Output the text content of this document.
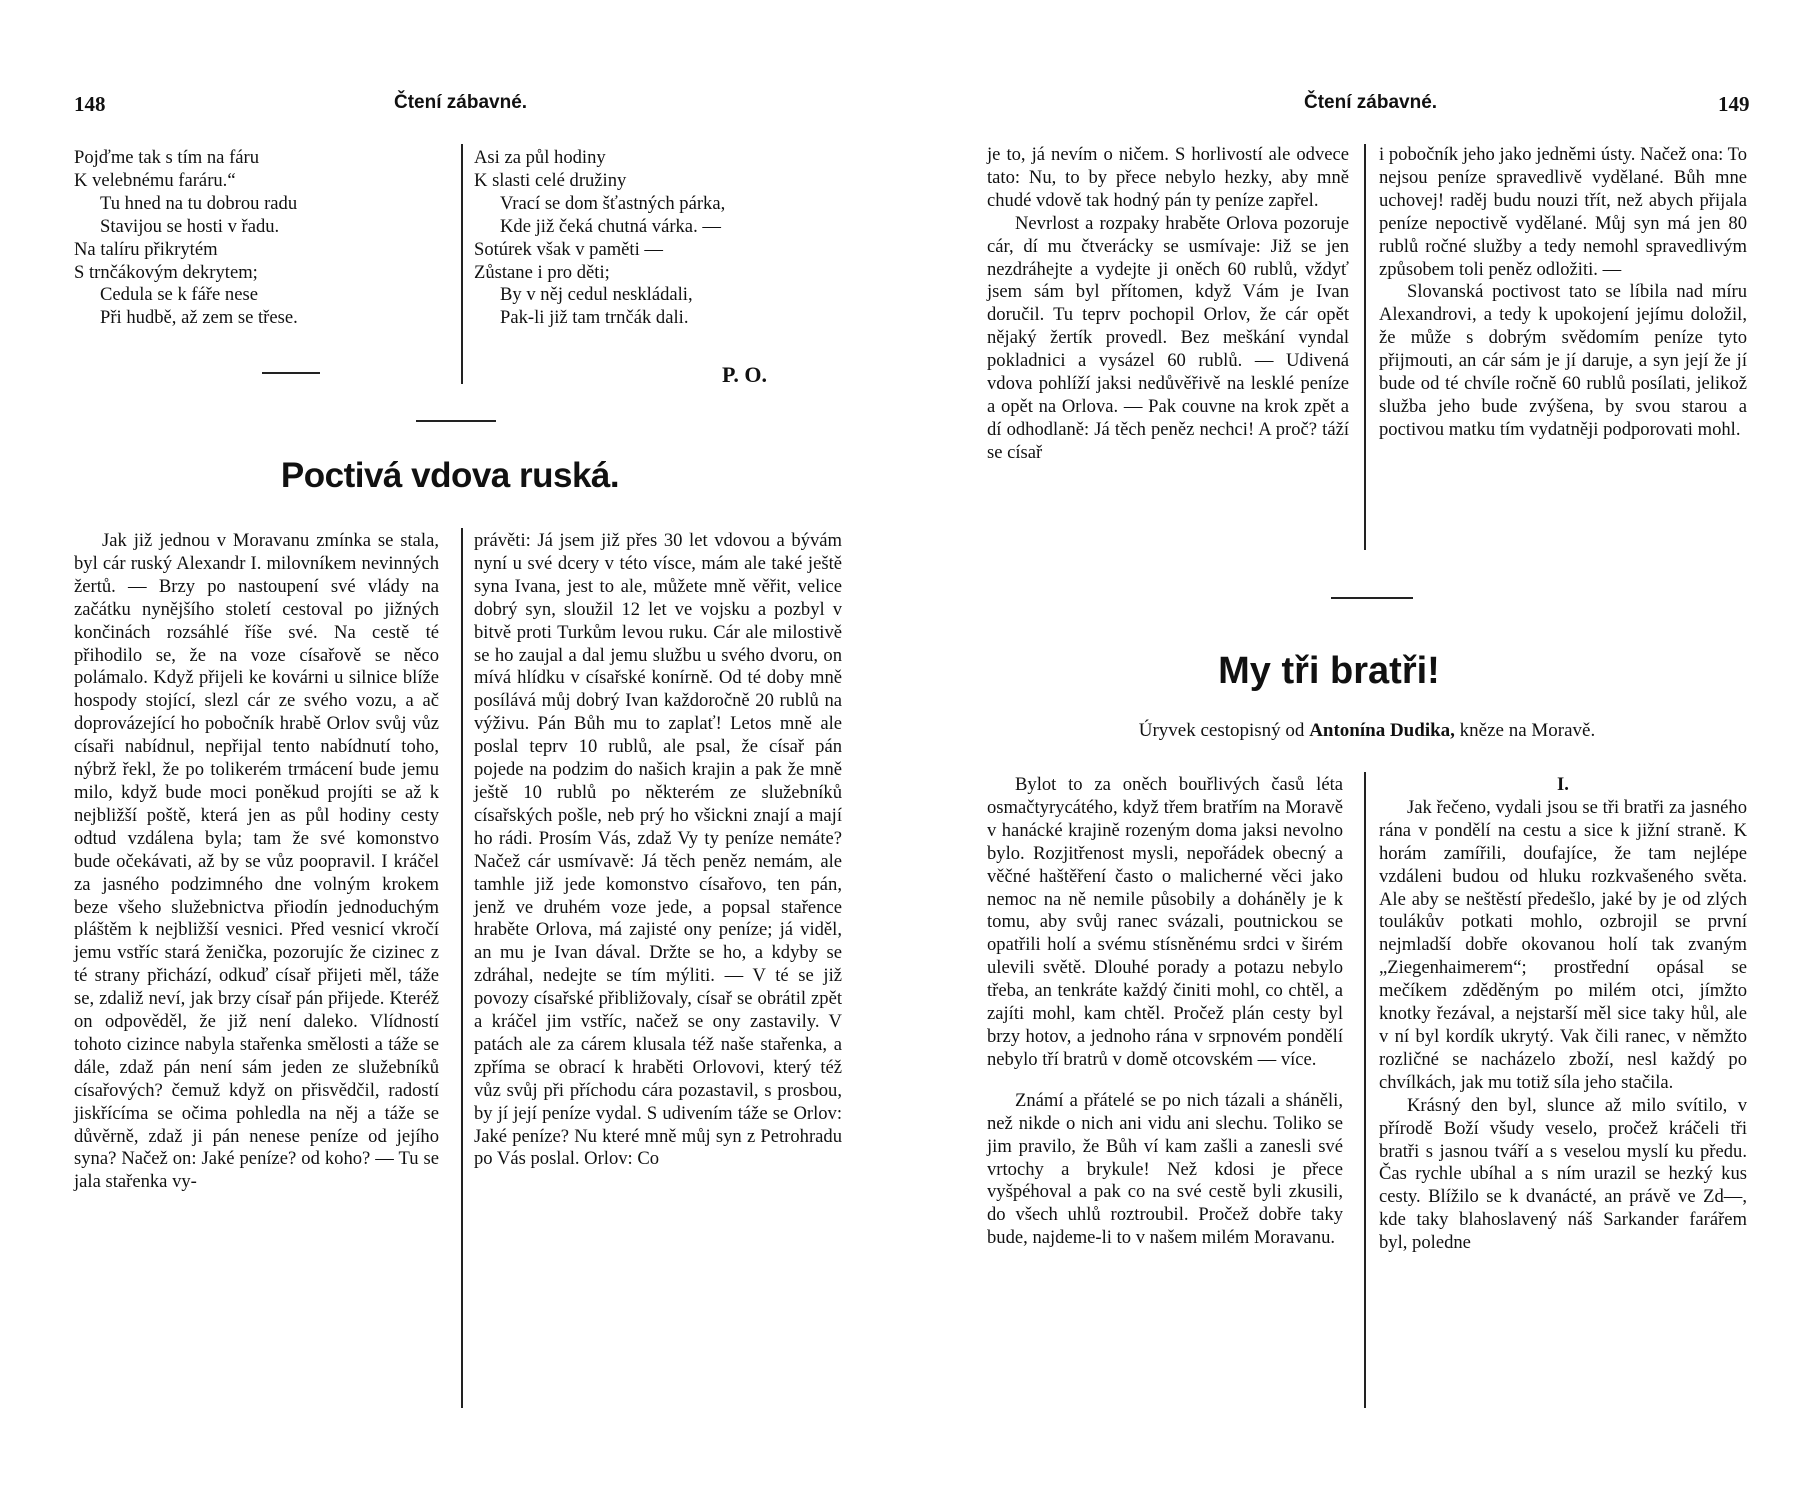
148	Čtení zábavné.
Pojďme tak s tím na fáru
K velebnému faráru.“
Tu hned na tu dobrou radu
Stavijou se hosti v řadu.
Na talíru přikrytém
S trnčákovým dekrytem;
Cedula se k fáře nese
Při hudbě, až zem se třese.
Asi za půl hodiny
K slasti celé družiny
Vrací se dom šťastných párka,
Kde již čeká chutná várka. —
Sotúrek však v paměti —
Zůstane i pro děti;
By v něj cedul neskládali,
Pak-li již tam trnčák dali.
P. O.
Poctivá vdova ruská.

Jak již jednou v Moravanu zmínka se stala, byl cár ruský Alexandr I. milovníkem nevinných žertů. — Brzy po nastoupení své vlády na začátku nynějšího století cestoval po jižných končinách rozsáhlé říše své. Na cestě té přihodilo se, že na voze císařově se něco polámalo. Když přijeli ke kovárni u silnice blíže hospody stojící, slezl cár ze svého vozu, a ač doprovázející ho pobočník hrabě Orlov svůj vůz císaři nabídnul, nepřijal tento nabídnutí toho, nýbrž řekl, že po tolikerém trmácení bude jemu milo, když bude moci poněkud projíti se až k nejbližší poště, která jen as půl hodiny cesty odtud vzdálena byla; tam že své komonstvo bude očekávati, až by se vůz poopravil. I kráčel za jasného podzimného dne volným krokem beze všeho služebnictva přiodín jednoduchým pláštěm k nejbližší vesnici. Před vesnicí vkročí jemu vstříc stará ženička, pozorujíc že cizinec z té strany přichází, odkuď císař přijeti měl, táže se, zdaliž neví, jak brzy císař pán přijede. Kteréž on odpověděl, že již není daleko. Vlídností tohoto cizince nabyla stařenka smělosti a táže se dále, zdaž pán není sám jeden ze služebníků císařových? čemuž když on přisvědčil, radostí jiskřícíma se očima pohledla na něj a táže se důvěrně, zdaž ji pán nenese peníze od jejího syna? Načež on: Jaké peníze? od koho? — Tu se jala stařenka vy-

právěti: Já jsem již přes 30 let vdovou a bývám nyní u své dcery v této vísce, mám ale také ještě syna Ivana, jest to ale, můžete mně věřit, velice dobrý syn, sloužil 12 let ve vojsku a pozbyl v bitvě proti Turkům levou ruku. Cár ale milostivě se ho zaujal a dal jemu službu u svého dvoru, on mívá hlídku v císařské konírně. Od té doby mně posílává můj dobrý Ivan každoročně 20 rublů na výživu. Pán Bůh mu to zaplať! Letos mně ale poslal teprv 10 rublů, ale psal, že císař pán pojede na podzim do našich krajin a pak že mně ještě 10 rublů po některém ze služebníků císařských pošle, neb prý ho všickni znají a mají ho rádi. Prosím Vás, zdaž Vy ty peníze nemáte? Načež cár usmívavě: Já těch peněz nemám, ale tamhle již jede komonstvo císařovo, ten pán, jenž ve druhém voze jede, a popsal stařence hraběte Orlova, má zajisté ony peníze; já viděl, an mu je Ivan dával. Držte se ho, a kdyby se zdráhal, nedejte se tím mýliti. — V té se již povozy císařské přibližovaly, císař se obrátil zpět a kráčel jim vstříc, načež se ony zastavily. V patách ale za cárem klusala též naše stařenka, a zpříma se obrací k hraběti Orlovovi, který též vůz svůj při příchodu cára pozastavil, s prosbou, by jí její peníze vydal. S udivením táže se Orlov: Jaké peníze? Nu které mně můj syn z Petrohradu po Vás poslal. Orlov: Co

Čtení zábavné.	149

je to, já nevím o ničem. S horlivostí ale odvece tato: Nu, to by přece nebylo hezky, aby mně chudé vdově tak hodný pán ty peníze zapřel.

Nevrlost a rozpaky hraběte Orlova pozoruje cár, dí mu čtverácky se usmívaje: Již se jen nezdráhejte a vydejte ji oněch 60 rublů, vždyť jsem sám byl přítomen, když Vám je Ivan doručil. Tu teprv pochopil Orlov, že cár opět nějaký žertík provedl. Bez meškání vyndal pokladnici a vysázel 60 rublů. — Udivená vdova pohlíží jaksi nedůvěřivě na lesklé peníze a opět na Orlova. — Pak couvne na krok zpět a dí odhodlaně: Já těch peněz nechci! A proč? táží se císař

i pobočník jeho jako jedněmi ústy. Načež ona: To nejsou peníze spravedlivě vydělané. Bůh mne uchovej! raděj budu nouzi třít, než abych přijala peníze nepoctivě vydělané. Můj syn má jen 80 rublů ročné služby a tedy nemohl spravedlivým způsobem toli peněz odložiti. —

Slovanská poctivost tato se líbila nad míru Alexandrovi, a tedy k upokojení jejímu doložil, že může s dobrým svědomím peníze tyto přijmouti, an cár sám je jí daruje, a syn její že jí bude od té chvíle ročně 60 rublů posílati, jelikož služba jeho bude zvýšena, by svou starou a poctivou matku tím vydatněji podporovati mohl.

My tři bratři!
Úryvek cestopisný od Antonína Dudika, kněze na Moravě.

Bylot to za oněch bouřlivých časů léta osmačtyrycátého, když třem bratřím na Moravě v hanácké krajině rozeným doma jaksi nevolno bylo. Rozjitřenost mysli, nepořádek obecný a věčné haštěření často o malicherné věci jako nemoc na ně nemile působily a doháněly je k tomu, aby svůj ranec svázali, poutnickou se opatřili holí a svému stísněnému srdci v širém ulevili světě. Dlouhé porady a potazu nebylo třeba, an tenkráte každý činiti mohl, co chtěl, a zajíti mohl, kam chtěl. Pročež plán cesty byl brzy hotov, a jednoho rána v srpnovém pondělí nebylo tří bratrů v domě otcovském — více.

Známí a přátelé se po nich tázali a sháněli, než nikde o nich ani vidu ani slechu. Toliko se jim pravilo, že Bůh ví kam zašli a zanesli své vrtochy a brykule! Než kdosi je přece vyšpéhoval a pak co na své cestě byli zkusili, do všech uhlů roztroubil. Pročež dobře taky bude, najdeme-li to v našem milém Moravanu.

I.

Jak řečeno, vydali jsou se tři bratři za jasného rána v pondělí na cestu a sice k jižní straně. K horám zamířili, doufajíce, že tam nejlépe vzdáleni budou od hluku rozkvašeného světa. Ale aby se neštěstí předešlo, jaké by je od zlých toulákův potkati mohlo, ozbrojil se první nejmladší dobře okovanou holí tak zvaným „Ziegenhaimerem“; prostřední opásal se mečíkem zděděným po milém otci, jímžto knotky řezával, a nejstarší měl sice taky hůl, ale v ní byl kordík ukrytý. Vak čili ranec, v němžto rozličné se nacházelo zboží, nesl každý po chvílkách, jak mu totiž síla jeho stačila.

Krásný den byl, slunce až milo svítilo, v přírodě Boží všudy veselo, pročež kráčeli tři bratři s jasnou tváří a s veselou myslí ku předu. Čas rychle ubíhal a s ním urazil se hezký kus cesty. Blížilo se k dvanácté, an právě ve Zd—, kde taky blahoslavený náš Sarkander farářem byl, poledne
